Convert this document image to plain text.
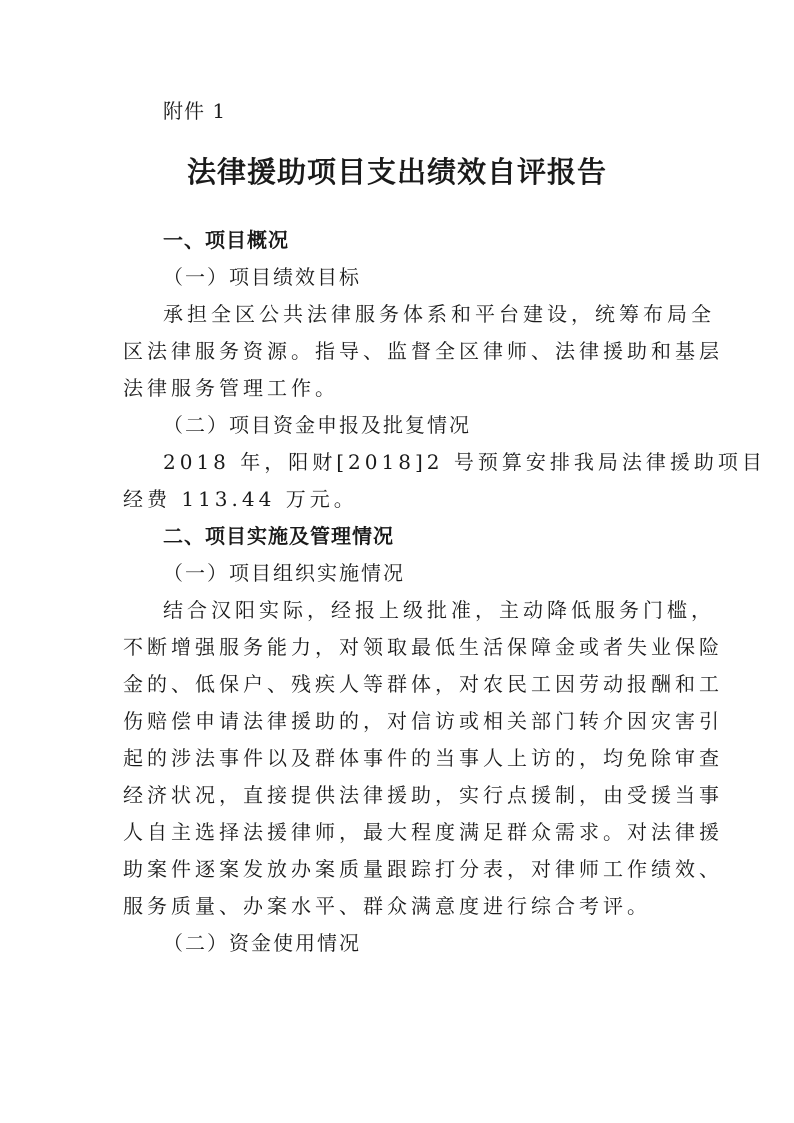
附件 1
法律援助项目支出绩效自评报告
一、项目概况
（一）项目绩效目标
承担全区公共法律服务体系和平台建设，统筹布局全
区法律服务资源。指导、监督全区律师、法律援助和基层
法律服务管理工作。
（二）项目资金申报及批复情况
2018 年，阳财[2018]2 号预算安排我局法律援助项目
经费 113.44 万元。
二、项目实施及管理情况
（一）项目组织实施情况
结合汉阳实际，经报上级批准，主动降低服务门槛，
不断增强服务能力，对领取最低生活保障金或者失业保险
金的、低保户、残疾人等群体，对农民工因劳动报酬和工
伤赔偿申请法律援助的，对信访或相关部门转介因灾害引
起的涉法事件以及群体事件的当事人上访的，均免除审查
经济状况，直接提供法律援助，实行点援制，由受援当事
人自主选择法援律师，最大程度满足群众需求。对法律援
助案件逐案发放办案质量跟踪打分表，对律师工作绩效、
服务质量、办案水平、群众满意度进行综合考评。
（二）资金使用情况
